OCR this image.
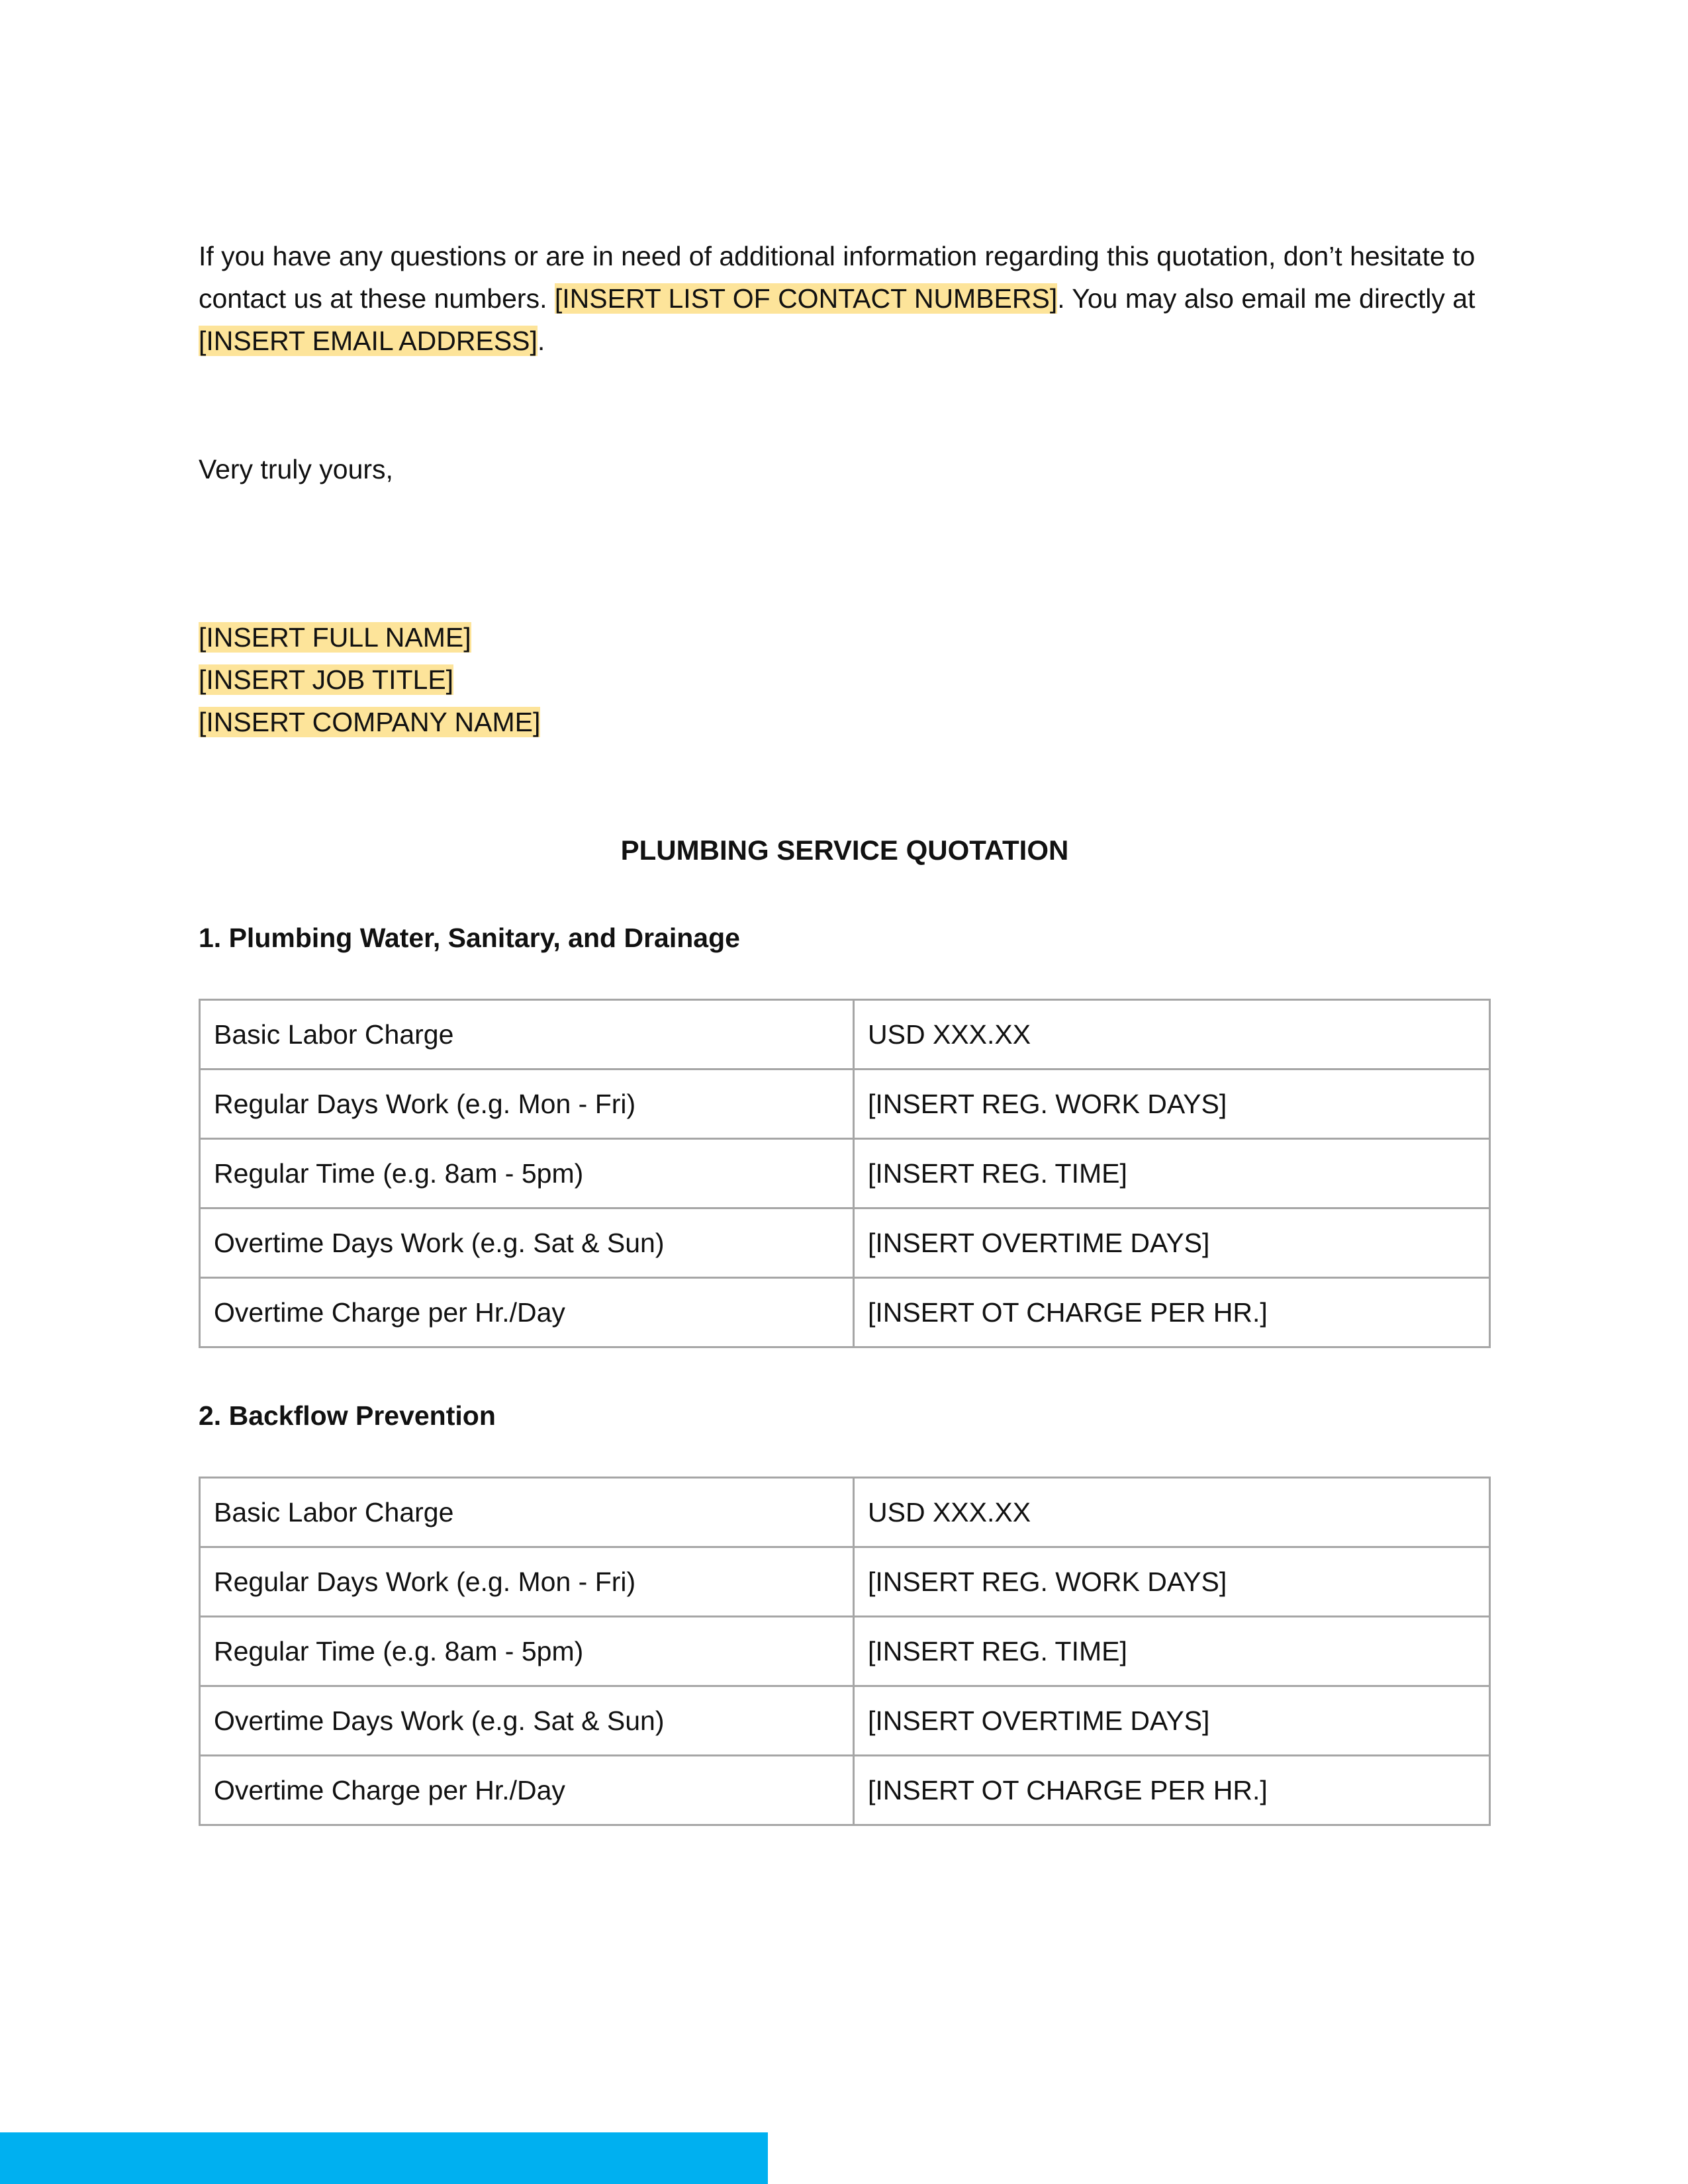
If you have any questions or are in need of additional information regarding this quotation, don’t hesitate to contact us at these numbers. [INSERT LIST OF CONTACT NUMBERS]. You may also email me directly at [INSERT EMAIL ADDRESS].

Very truly yours,

[INSERT FULL NAME]
[INSERT JOB TITLE]
[INSERT COMPANY NAME]
PLUMBING SERVICE QUOTATION
1. Plumbing Water, Sanitary, and Drainage
Basic Labor Charge	USD XXX.XX
Regular Days Work (e.g. Mon - Fri)	[INSERT REG. WORK DAYS]
Regular Time (e.g. 8am - 5pm)	[INSERT REG. TIME]
Overtime Days Work (e.g. Sat & Sun)	[INSERT OVERTIME DAYS]
Overtime Charge per Hr./Day	[INSERT OT CHARGE PER HR.]
2. Backflow Prevention
Basic Labor Charge	USD XXX.XX
Regular Days Work (e.g. Mon - Fri)	[INSERT REG. WORK DAYS]
Regular Time (e.g. 8am - 5pm)	[INSERT REG. TIME]
Overtime Days Work (e.g. Sat & Sun)	[INSERT OVERTIME DAYS]
Overtime Charge per Hr./Day	[INSERT OT CHARGE PER HR.]
